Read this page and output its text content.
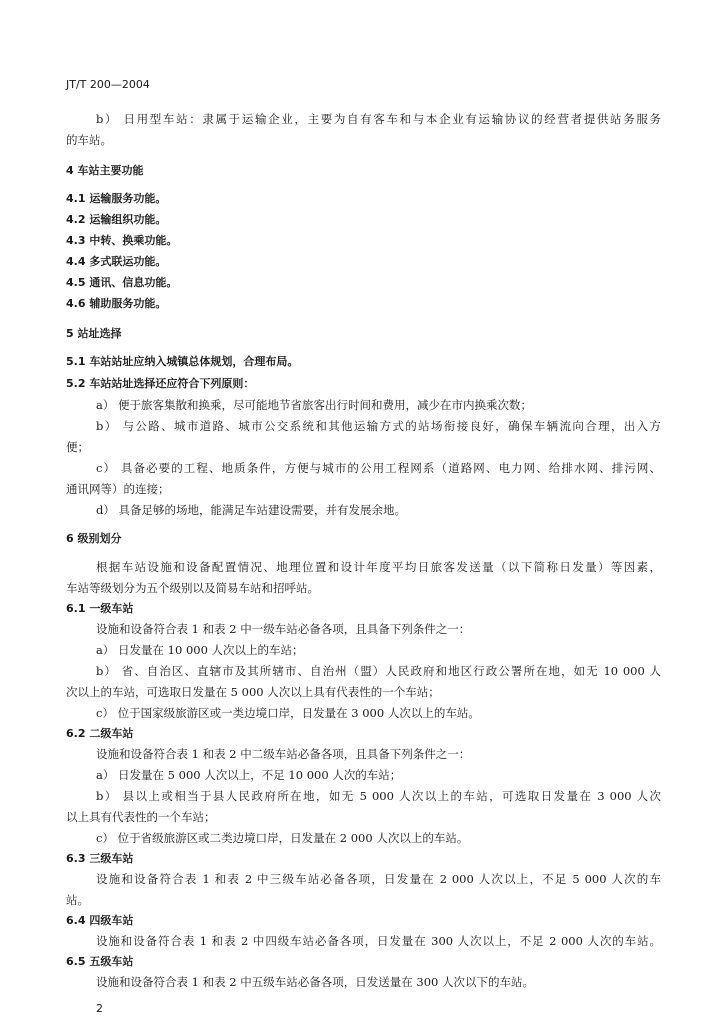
JT/T 200—2004
b） 日用型车站：隶属于运输企业，主要为自有客车和与本企业有运输协议的经营者提供站务服务
的车站。
4 车站主要功能
4.1 运输服务功能。
4.2 运输组织功能。
4.3 中转、换乘功能。
4.4 多式联运功能。
4.5 通讯、信息功能。
4.6 辅助服务功能。
5 站址选择
5.1 车站站址应纳入城镇总体规划，合理布局。
5.2 车站站址选择还应符合下列原则：
a） 便于旅客集散和换乘，尽可能地节省旅客出行时间和费用，减少在市内换乘次数；
b） 与公路、城市道路、城市公交系统和其他运输方式的站场衔接良好，确保车辆流向合理，出入方
便；
c） 具备必要的工程、地质条件，方便与城市的公用工程网系（道路网、电力网、给排水网、排污网、
通讯网等）的连接；
d） 具备足够的场地，能满足车站建设需要，并有发展余地。
6 级别划分
根据车站设施和设备配置情况、地理位置和设计年度平均日旅客发送量（以下简称日发量）等因素，
车站等级划分为五个级别以及简易车站和招呼站。
6.1 一级车站
设施和设备符合表 1 和表 2 中一级车站必备各项，且具备下列条件之一：
a） 日发量在 10 000 人次以上的车站；
b） 省、自治区、直辖市及其所辖市、自治州（盟）人民政府和地区行政公署所在地，如无 10 000 人
次以上的车站，可选取日发量在 5 000 人次以上具有代表性的一个车站；
c） 位于国家级旅游区或一类边境口岸，日发量在 3 000 人次以上的车站。
6.2 二级车站
设施和设备符合表 1 和表 2 中二级车站必备各项，且具备下列条件之一：
a） 日发量在 5 000 人次以上，不足 10 000 人次的车站；
b） 县以上或相当于县人民政府所在地，如无 5 000 人次以上的车站，可选取日发量在 3 000 人次
以上具有代表性的一个车站；
c） 位于省级旅游区或二类边境口岸，日发量在 2 000 人次以上的车站。
6.3 三级车站
设施和设备符合表 1 和表 2 中三级车站必备各项，日发量在 2 000 人次以上，不足 5 000 人次的车
站。
6.4 四级车站
设施和设备符合表 1 和表 2 中四级车站必备各项，日发量在 300 人次以上，不足 2 000 人次的车站。
6.5 五级车站
设施和设备符合表 1 和表 2 中五级车站必备各项，日发送量在 300 人次以下的车站。
2
